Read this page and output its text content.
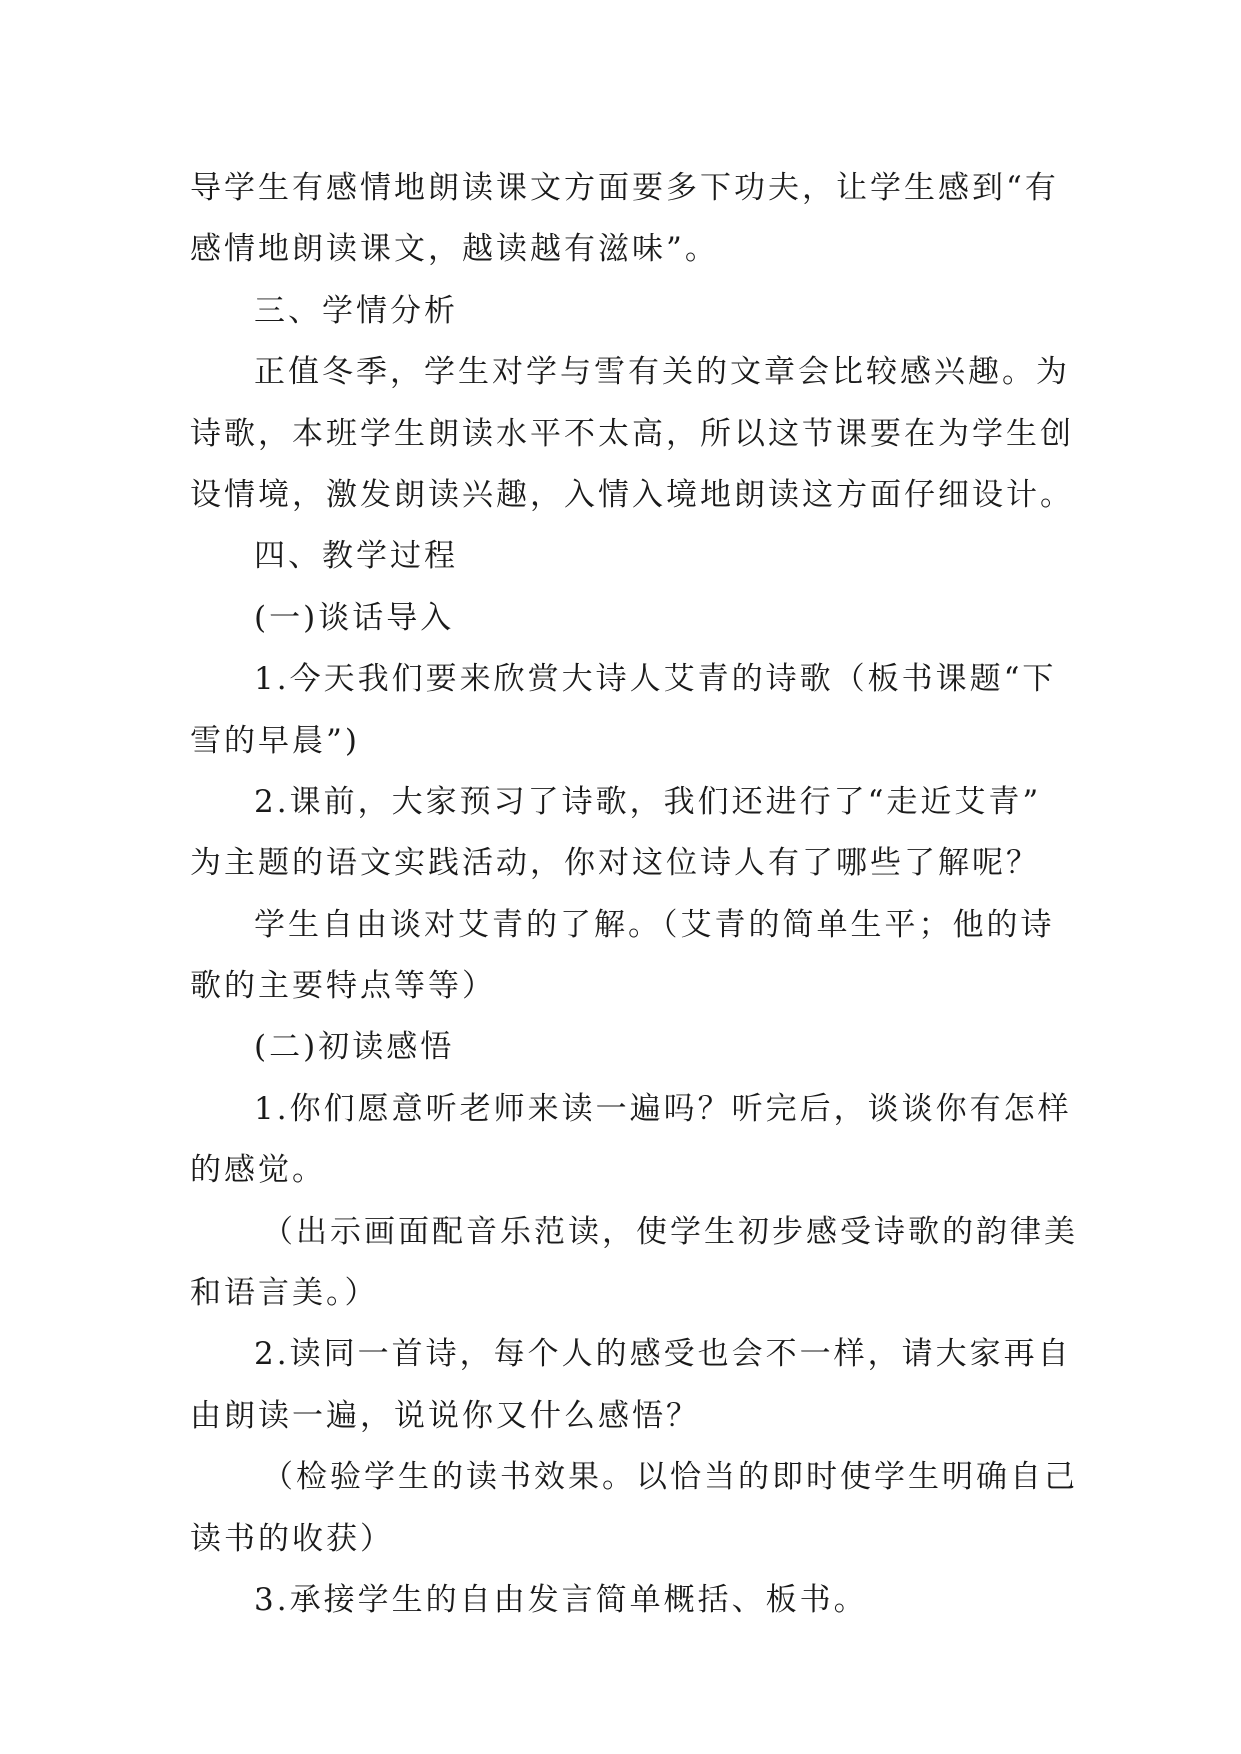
导学生有感情地朗读课文方面要多下功夫，让学生感到“有
感情地朗读课文，越读越有滋味”。
三、学情分析
正值冬季，学生对学与雪有关的文章会比较感兴趣。为
诗歌，本班学生朗读水平不太高，所以这节课要在为学生创
设情境，激发朗读兴趣，入情入境地朗读这方面仔细设计。
四、教学过程
(一)谈话导入
1.今天我们要来欣赏大诗人艾青的诗歌（板书课题“下
雪的早晨”)
2.课前，大家预习了诗歌，我们还进行了“走近艾青”
为主题的语文实践活动，你对这位诗人有了哪些了解呢？
学生自由谈对艾青的了解。（艾青的简单生平；他的诗
歌的主要特点等等）
(二)初读感悟
1.你们愿意听老师来读一遍吗？听完后，谈谈你有怎样
的感觉。
（出示画面配音乐范读，使学生初步感受诗歌的韵律美
和语言美。）
2.读同一首诗，每个人的感受也会不一样，请大家再自
由朗读一遍，说说你又什么感悟？
（检验学生的读书效果。以恰当的即时使学生明确自己
读书的收获）
3.承接学生的自由发言简单概括、板书。
